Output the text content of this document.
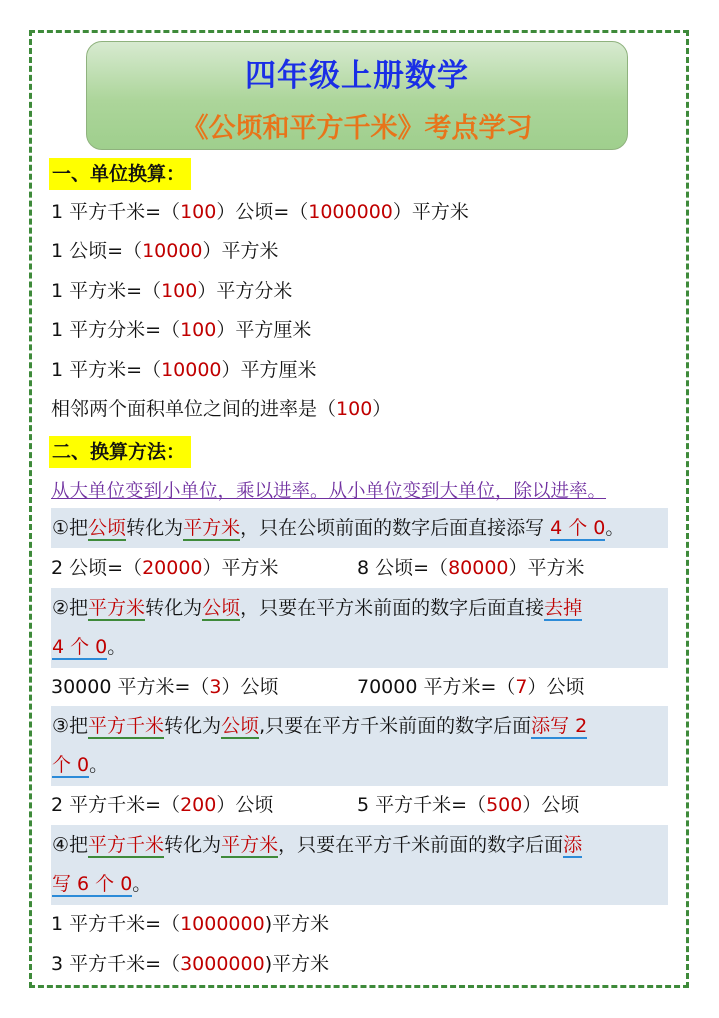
四年级上册数学
《公顷和平方千米》考点学习
一、单位换算：
1 平方千米=（100）公顷=（1000000）平方米
1 公顷=（10000）平方米
1 平方米=（100）平方分米
1 平方分米=（100）平方厘米
1 平方米=（10000）平方厘米
相邻两个面积单位之间的进率是（100）
二、换算方法：
从大单位变到小单位，乘以进率。从小单位变到大单位，除以进率。
①把公顷转化为平方米，只在公顷前面的数字后面直接添写 4 个 0。
2 公顷=（20000）平方米	8 公顷=（80000）平方米
②把平方米转化为公顷，只要在平方米前面的数字后面直接去掉
4 个 0。
30000 平方米=（3）公顷	70000 平方米=（7）公顷
③把平方千米转化为公顷,只要在平方千米前面的数字后面添写 2
个 0。
2 平方千米=（200）公顷	5 平方千米=（500）公顷
④把平方千米转化为平方米，只要在平方千米前面的数字后面添
写 6 个 0。
1 平方千米=（1000000)平方米
3 平方千米=（3000000)平方米
